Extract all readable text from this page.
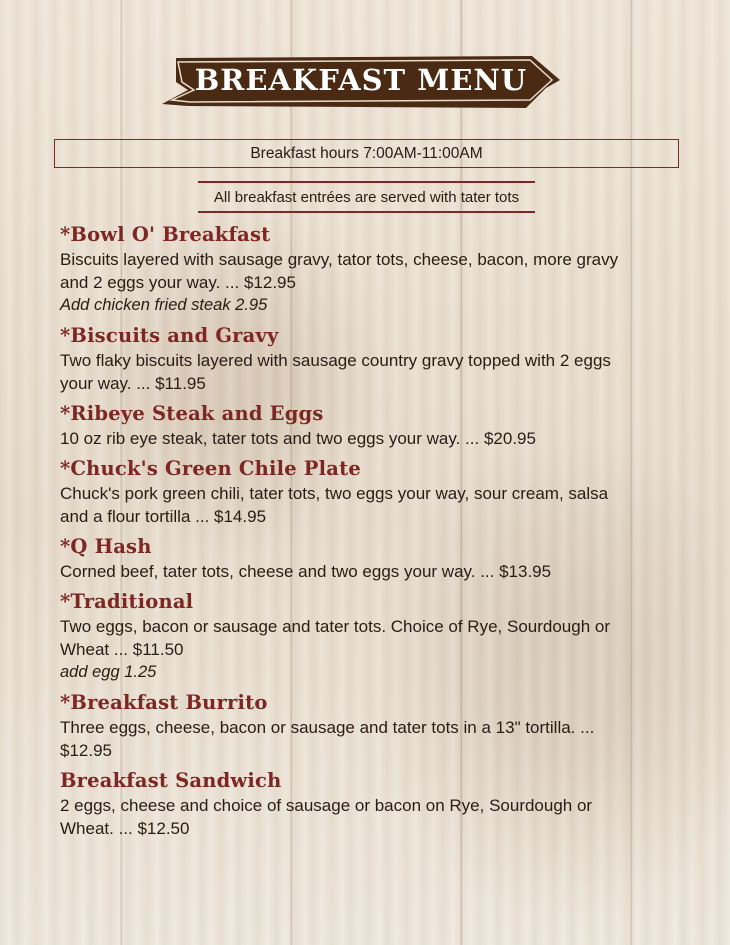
BREAKFAST MENU
Breakfast hours 7:00AM-11:00AM
All breakfast entrées are served with tater tots
*Bowl O' Breakfast
Biscuits layered with sausage gravy, tator tots, cheese, bacon, more gravy
and 2 eggs your way. ... $12.95
Add chicken fried steak 2.95
*Biscuits and Gravy
Two flaky biscuits layered with sausage country gravy topped with 2 eggs
your way. ... $11.95
*Ribeye Steak and Eggs
10 oz rib eye steak, tater tots and two eggs your way. ... $20.95
*Chuck's Green Chile Plate
Chuck's pork green chili, tater tots, two eggs your way, sour cream, salsa
and a flour tortilla ... $14.95
*Q Hash
Corned beef, tater tots, cheese and two eggs your way. ... $13.95
*Traditional
Two eggs, bacon or sausage and tater tots. Choice of Rye, Sourdough or
Wheat ... $11.50
add egg 1.25
*Breakfast Burrito
Three eggs, cheese, bacon or sausage and tater tots in a 13" tortilla. ...
$12.95
Breakfast Sandwich
2 eggs, cheese and choice of sausage or bacon on Rye, Sourdough or
Wheat. ... $12.50
